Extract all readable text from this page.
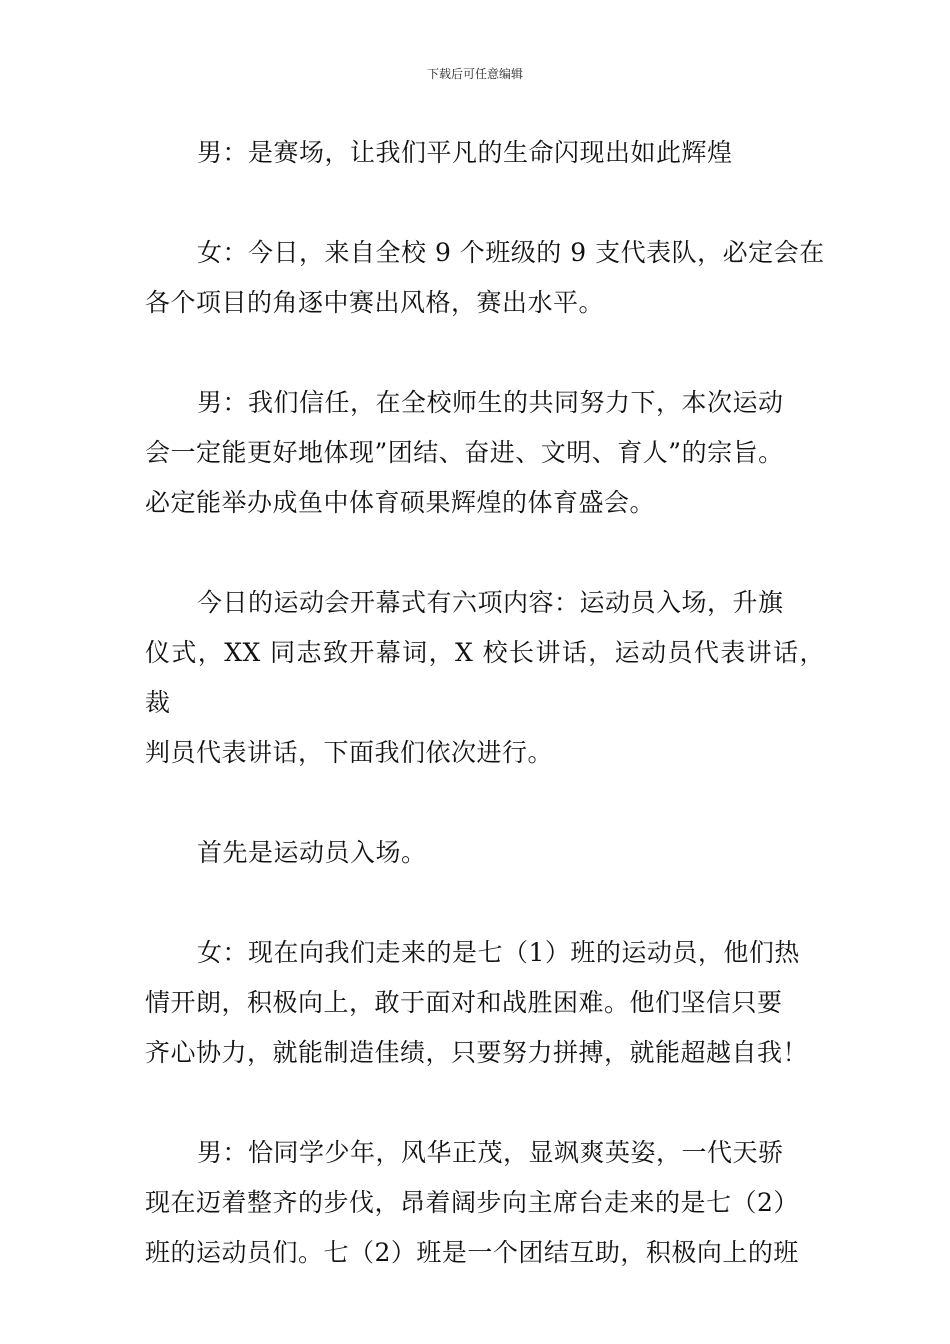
下载后可任意编辑
男：是赛场，让我们平凡的生命闪现出如此辉煌
女：今日，来自全校 9 个班级的 9 支代表队，必定会在
各个项目的角逐中赛出风格，赛出水平。
男：我们信任，在全校师生的共同努力下，本次运动
会一定能更好地体现”团结、奋进、文明、育人”的宗旨。
必定能举办成鱼中体育硕果辉煌的体育盛会。
今日的运动会开幕式有六项内容：运动员入场，升旗
仪式，XX 同志致开幕词，X 校长讲话，运动员代表讲话，裁
判员代表讲话，下面我们依次进行。
首先是运动员入场。
女：现在向我们走来的是七（1）班的运动员，他们热
情开朗，积极向上，敢于面对和战胜困难。他们坚信只要
齐心协力，就能制造佳绩，只要努力拼搏，就能超越自我！
男：恰同学少年，风华正茂，显飒爽英姿，一代天骄
现在迈着整齐的步伐，昂着阔步向主席台走来的是七（2）
班的运动员们。七（2）班是一个团结互助，积极向上的班
